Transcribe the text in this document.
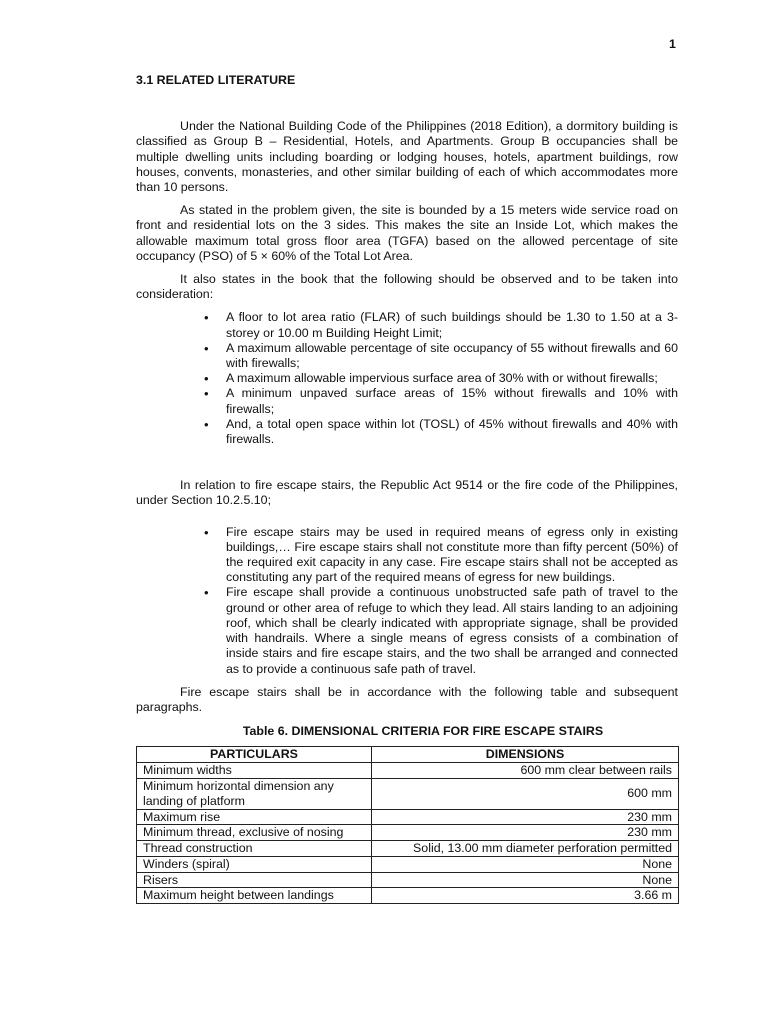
1

3.1 RELATED LITERATURE

Under the National Building Code of the Philippines (2018 Edition), a dormitory building is classified as Group B – Residential, Hotels, and Apartments. Group B occupancies shall be multiple dwelling units including boarding or lodging houses, hotels, apartment buildings, row houses, convents, monasteries, and other similar building of each of which accommodates more than 10 persons.

As stated in the problem given, the site is bounded by a 15 meters wide service road on front and residential lots on the 3 sides. This makes the site an Inside Lot, which makes the allowable maximum total gross floor area (TGFA) based on the allowed percentage of site occupancy (PSO) of 5 × 60% of the Total Lot Area.

It also states in the book that the following should be observed and to be taken into consideration:

• A floor to lot area ratio (FLAR) of such buildings should be 1.30 to 1.50 at a 3-storey or 10.00 m Building Height Limit;
• A maximum allowable percentage of site occupancy of 55 without firewalls and 60 with firewalls;
• A maximum allowable impervious surface area of 30% with or without firewalls;
• A minimum unpaved surface areas of 15% without firewalls and 10% with firewalls;
• And, a total open space within lot (TOSL) of 45% without firewalls and 40% with firewalls.

In relation to fire escape stairs, the Republic Act 9514 or the fire code of the Philippines, under Section 10.2.5.10;

• Fire escape stairs may be used in required means of egress only in existing buildings,… Fire escape stairs shall not constitute more than fifty percent (50%) of the required exit capacity in any case. Fire escape stairs shall not be accepted as constituting any part of the required means of egress for new buildings.
• Fire escape shall provide a continuous unobstructed safe path of travel to the ground or other area of refuge to which they lead. All stairs landing to an adjoining roof, which shall be clearly indicated with appropriate signage, shall be provided with handrails. Where a single means of egress consists of a combination of inside stairs and fire escape stairs, and the two shall be arranged and connected as to provide a continuous safe path of travel.

Fire escape stairs shall be in accordance with the following table and subsequent paragraphs.

Table 6. DIMENSIONAL CRITERIA FOR FIRE ESCAPE STAIRS

PARTICULARS	DIMENSIONS
Minimum widths	600 mm clear between rails
Minimum horizontal dimension any landing of platform	600 mm
Maximum rise	230 mm
Minimum thread, exclusive of nosing	230 mm
Thread construction	Solid, 13.00 mm diameter perforation permitted
Winders (spiral)	None
Risers	None
Maximum height between landings	3.66 m
